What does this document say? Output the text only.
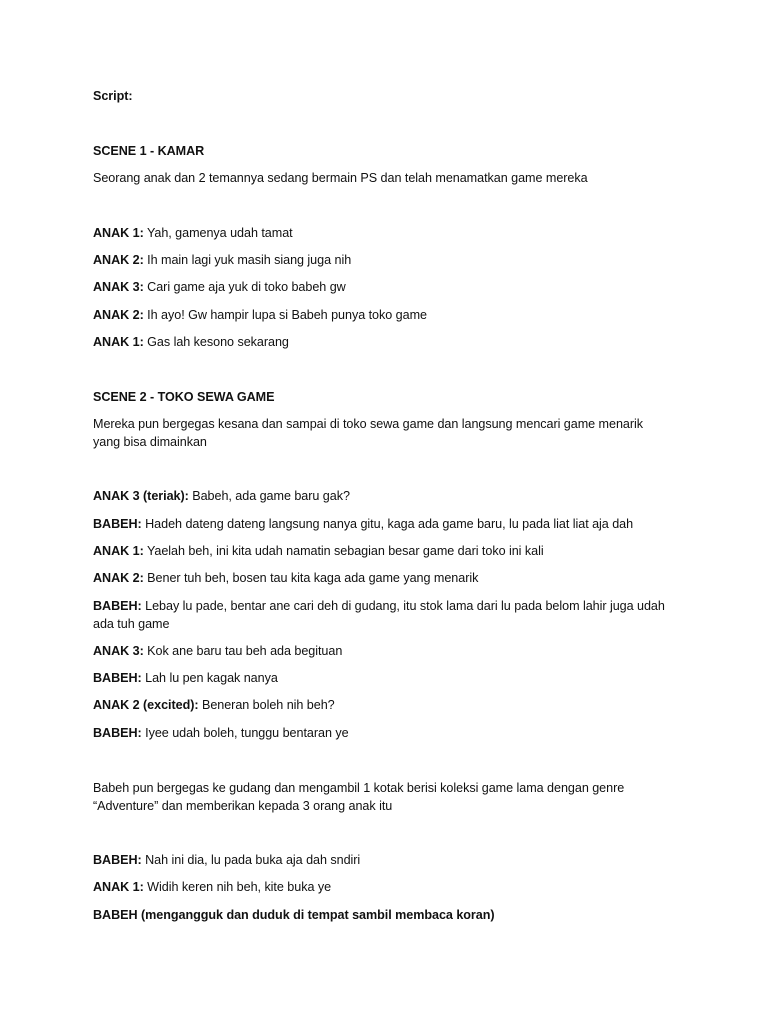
Script:
SCENE 1 - KAMAR
Seorang anak dan 2 temannya sedang bermain PS dan telah menamatkan game mereka
ANAK 1: Yah, gamenya udah tamat
ANAK 2: Ih main lagi yuk masih siang juga nih
ANAK 3: Cari game aja yuk di toko babeh gw
ANAK 2: Ih ayo! Gw hampir lupa si Babeh punya toko game
ANAK 1: Gas lah kesono sekarang
SCENE 2 - TOKO SEWA GAME
Mereka pun bergegas kesana dan sampai di toko sewa game dan langsung mencari game menarik yang bisa dimainkan
ANAK 3 (teriak): Babeh, ada game baru gak?
BABEH: Hadeh dateng dateng langsung nanya gitu, kaga ada game baru, lu pada liat liat aja dah
ANAK 1: Yaelah beh, ini kita udah namatin sebagian besar game dari toko ini kali
ANAK 2: Bener tuh beh, bosen tau kita kaga ada game yang menarik
BABEH: Lebay lu pade, bentar ane cari deh di gudang, itu stok lama dari lu pada belom lahir juga udah ada tuh game
ANAK 3: Kok ane baru tau beh ada begituan
BABEH: Lah lu pen kagak nanya
ANAK 2 (excited): Beneran boleh nih beh?
BABEH: Iyee udah boleh, tunggu bentaran ye
Babeh pun bergegas ke gudang dan mengambil 1 kotak berisi koleksi game lama dengan genre “Adventure” dan memberikan kepada 3 orang anak itu
BABEH: Nah ini dia, lu pada buka aja dah sndiri
ANAK 1: Widih keren nih beh, kite buka ye
BABEH (mengangguk dan duduk di tempat sambil membaca koran)
